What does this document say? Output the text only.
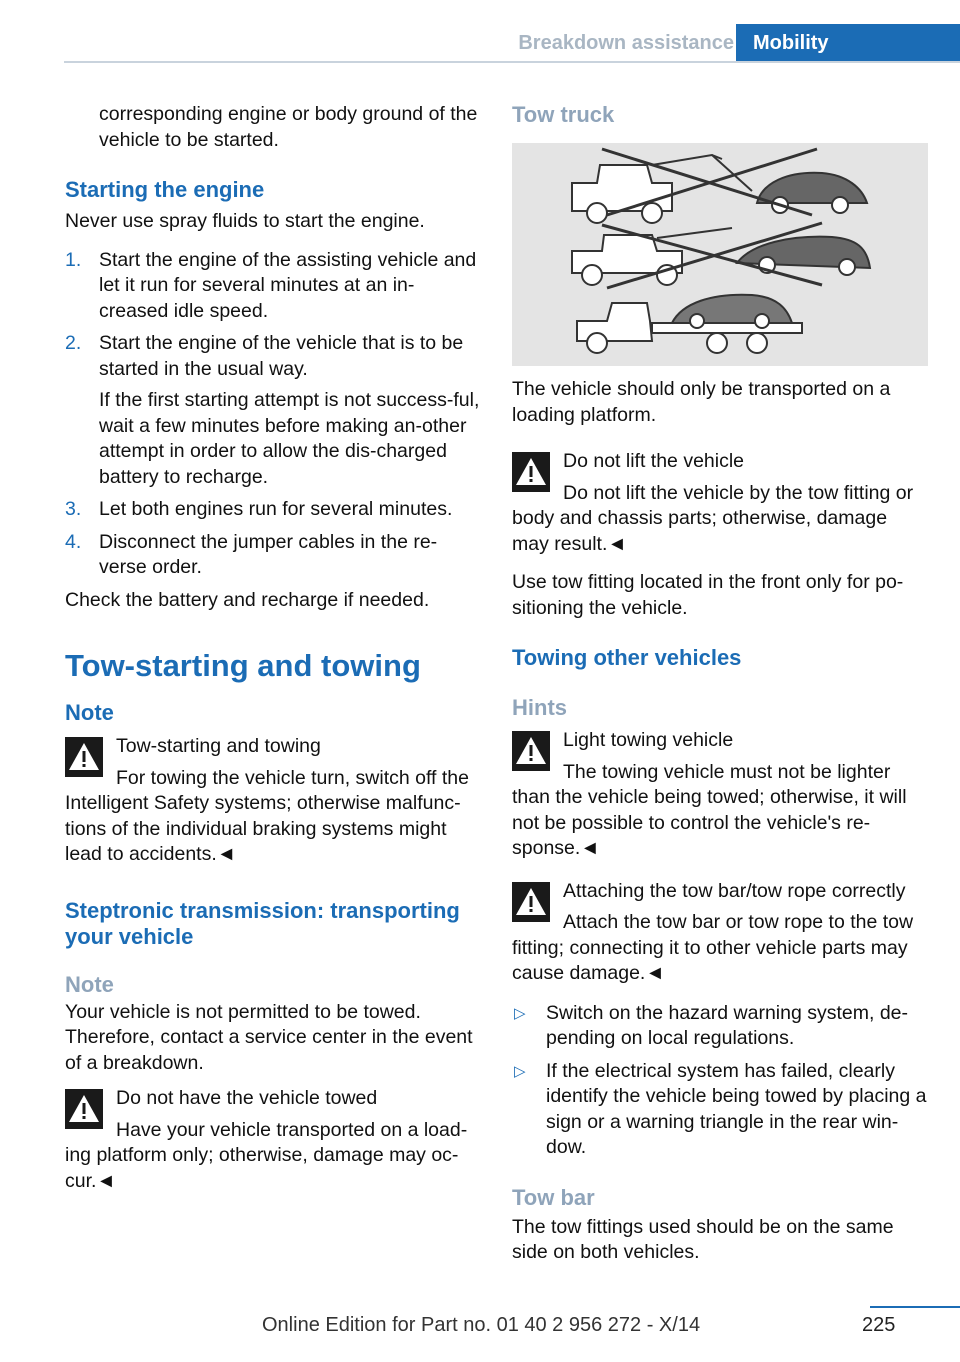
Breakdown assistance Mobility

corresponding engine or body ground of the vehicle to be started.

Starting the engine

Never use spray fluids to start the engine.

1. Start the engine of the assisting vehicle and let it run for several minutes at an in‐creased idle speed.
2. Start the engine of the vehicle that is to be started in the usual way.

If the first starting attempt is not success‐ful, wait a few minutes before making an‐other attempt in order to allow the dis‐charged battery to recharge.

3. Let both engines run for several minutes.
4. Disconnect the jumper cables in the re‐verse order.

Check the battery and recharge if needed.

Tow-starting and towing

Note

Tow-starting and towing
For towing the vehicle turn, switch off the Intelligent Safety systems; otherwise malfunc‐tions of the individual braking systems might lead to accidents.◄

Steptronic transmission: transporting your vehicle

Note

Your vehicle is not permitted to be towed. Therefore, contact a service center in the event of a breakdown.

Do not have the vehicle towed
Have your vehicle transported on a load‐ing platform only; otherwise, damage may oc‐cur.◄

Tow truck

The vehicle should only be transported on a loading platform.

Do not lift the vehicle
Do not lift the vehicle by the tow fitting or body and chassis parts; otherwise, damage may result.◄

Use tow fitting located in the front only for po‐sitioning the vehicle.

Towing other vehicles

Hints

Light towing vehicle
The towing vehicle must not be lighter than the vehicle being towed; otherwise, it will not be possible to control the vehicle's re‐sponse.◄
Attaching the tow bar/tow rope correctly
Attach the tow bar or tow rope to the tow fitting; connecting it to other vehicle parts may cause damage.◄
▷ Switch on the hazard warning system, de‐pending on local regulations.
▷ If the electrical system has failed, clearly identify the vehicle being towed by placing a sign or a warning triangle in the rear win‐dow.

Tow bar

The tow fittings used should be on the same side on both vehicles.

225
Online Edition for Part no. 01 40 2 956 272 - X/14
